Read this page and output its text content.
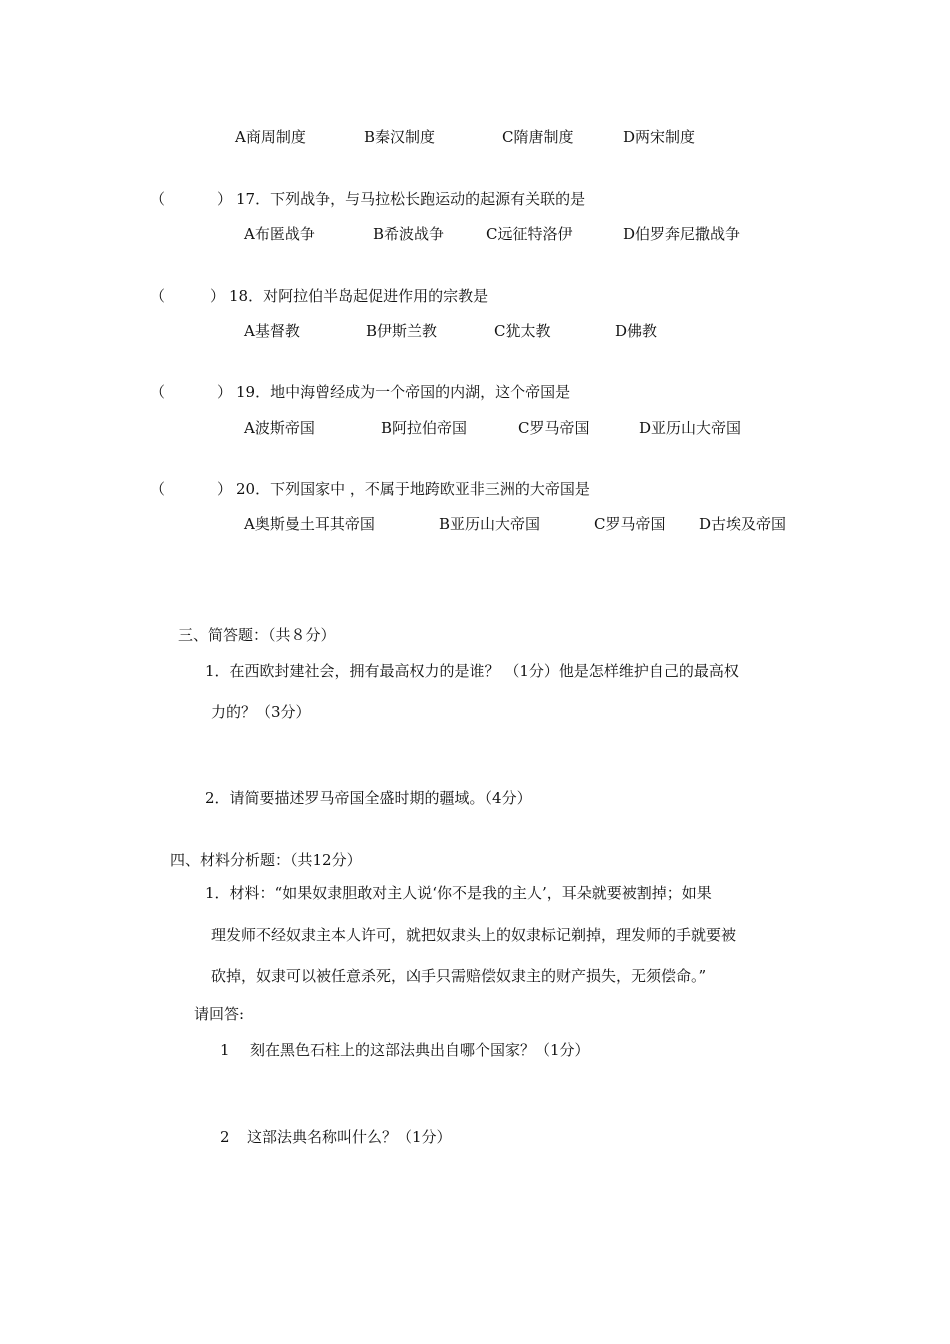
A商周制度	B秦汉制度	C隋唐制度	D两宋制度
（	） 17．下列战争，与马拉松长跑运动的起源有关联的是
A布匿战争	B希波战争	C远征特洛伊	D伯罗奔尼撒战争
（	） 18．对阿拉伯半岛起促进作用的宗教是
A基督教	B伊斯兰教	C犹太教	D佛教
（	） 19．地中海曾经成为一个帝国的内湖，这个帝国是
A波斯帝国	B阿拉伯帝国	C罗马帝国	D亚历山大帝国
（	） 20．下列国家中 ，不属于地跨欧亚非三洲的大帝国是
A奥斯曼土耳其帝国	B亚历山大帝国	C罗马帝国 D古埃及帝国
三、简答题：（共８分）
1．在西欧封建社会，拥有最高权力的是谁？ （1分）他是怎样维护自己的最高权
力的？（3分）
2．请简要描述罗马帝国全盛时期的疆域。（4分）
四、材料分析题：（共12分）
1．材料：“如果奴隶胆敢对主人说‘你不是我的主人’，耳朵就要被割掉；如果
理发师不经奴隶主本人许可，就把奴隶头上的奴隶标记剃掉，理发师的手就要被
砍掉，奴隶可以被任意杀死，凶手只需赔偿奴隶主的财产损失，无须偿命。”
请回答:
1 刻在黑色石柱上的这部法典出自哪个国家？（1分）
2 这部法典名称叫什么？（1分）
